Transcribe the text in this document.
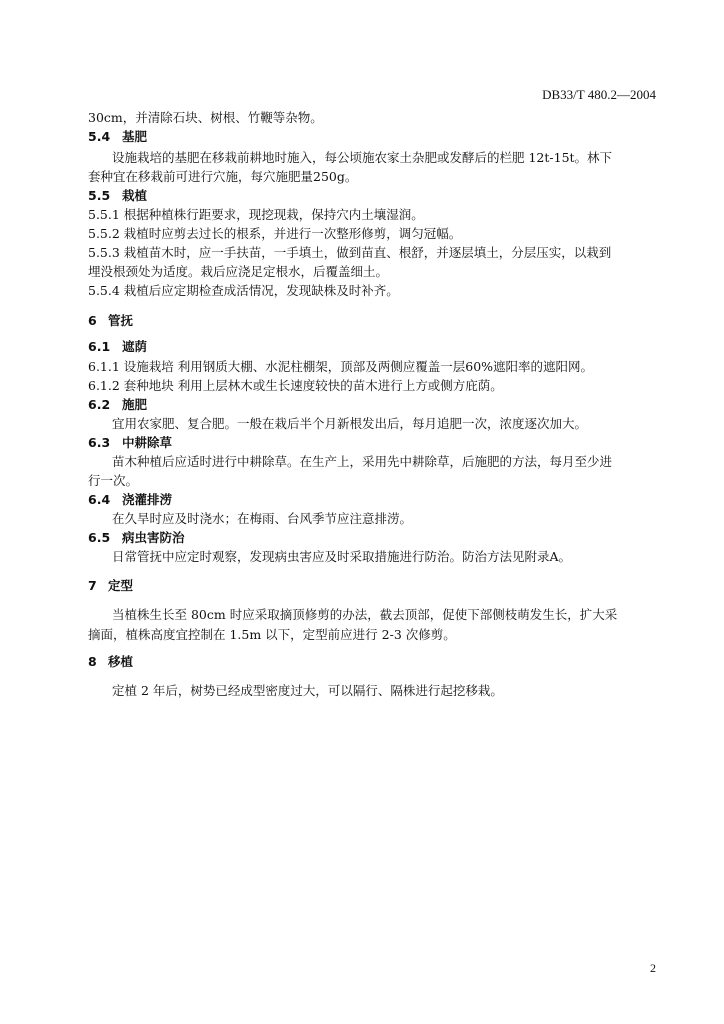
DB33/T 480.2—2004
30cm，并清除石块、树根、竹鞭等杂物。
5.4 基肥
设施栽培的基肥在移栽前耕地时施入，每公顷施农家土杂肥或发酵后的栏肥 12t-15t。林下
套种宜在移栽前可进行穴施，每穴施肥量250g。
5.5 栽植
5.5.1 根据种植株行距要求，现挖现栽，保持穴内土壤湿润。
5.5.2 栽植时应剪去过长的根系，并进行一次整形修剪，调匀冠幅。
5.5.3 栽植苗木时，应一手扶苗，一手填土，做到苗直、根舒，并逐层填土，分层压实，以栽到
埋没根颈处为适度。栽后应浇足定根水，后覆盖细土。
5.5.4 栽植后应定期检查成活情况，发现缺株及时补齐。
6 管抚
6.1 遮荫
6.1.1 设施栽培 利用钢质大棚、水泥柱棚架，顶部及两侧应覆盖一层60%遮阳率的遮阳网。
6.1.2 套种地块 利用上层林木或生长速度较快的苗木进行上方或侧方庇荫。
6.2 施肥
宜用农家肥、复合肥。一般在栽后半个月新根发出后，每月追肥一次，浓度逐次加大。
6.3 中耕除草
苗木种植后应适时进行中耕除草。在生产上，采用先中耕除草，后施肥的方法，每月至少进
行一次。
6.4 浇灌排涝
在久旱时应及时浇水；在梅雨、台风季节应注意排涝。
6.5 病虫害防治
日常管抚中应定时观察，发现病虫害应及时采取措施进行防治。防治方法见附录A。
7 定型
当植株生长至 80cm 时应采取摘顶修剪的办法，截去顶部，促使下部侧枝萌发生长，扩大采
摘面，植株高度宜控制在 1.5m 以下，定型前应进行 2-3 次修剪。
8 移植
定植 2 年后，树势已经成型密度过大，可以隔行、隔株进行起挖移栽。
2
